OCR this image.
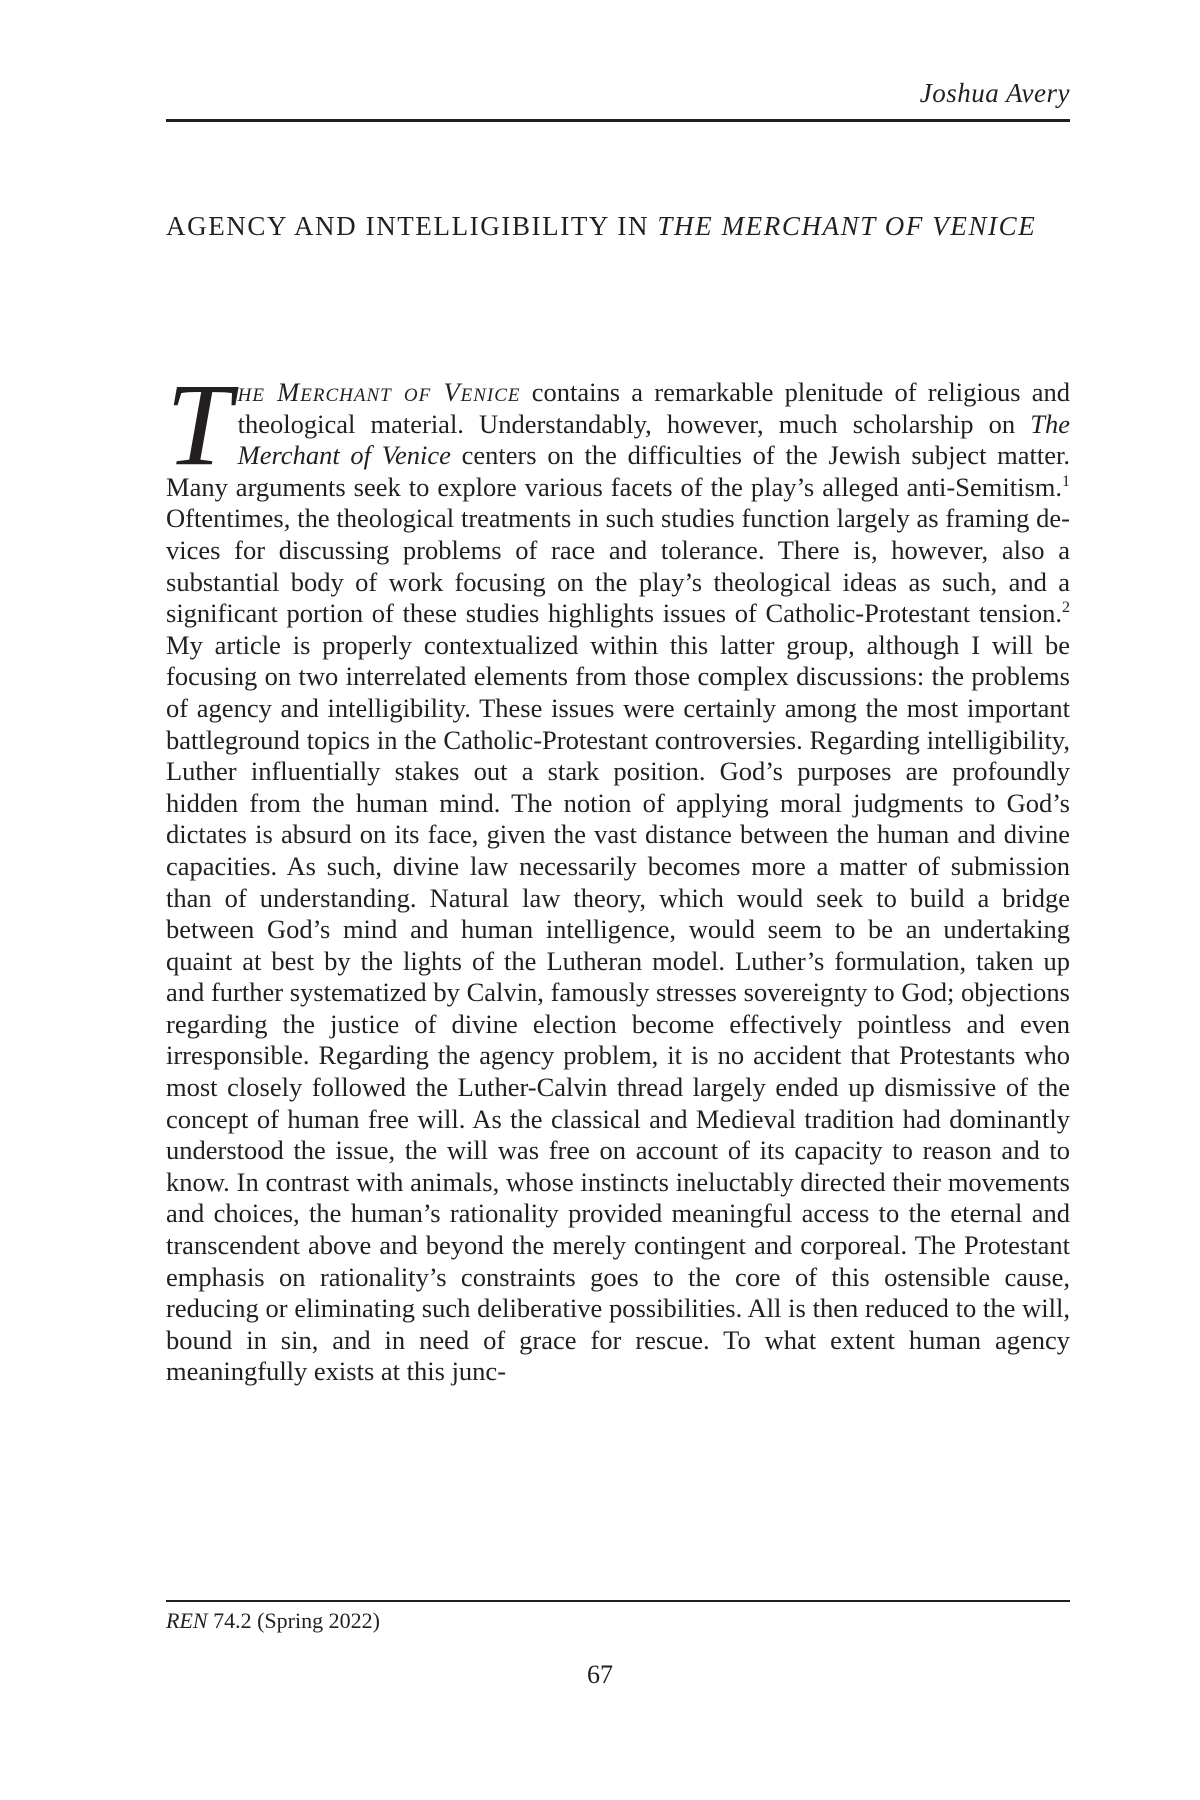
Joshua Avery
AGENCY AND INTELLIGIBILITY IN THE MERCHANT OF VENICE

The Merchant of Venice contains a remarkable plenitude of religious and theological material. Understandably, however, much scholarship on The Merchant of Venice centers on the difficulties of the Jewish subject matter. Many arguments seek to explore various facets of the play’s alleged anti-Semitism.$^1$ Oftentimes, the theological treatments in such studies function largely as framing devices for discussing problems of race and tolerance. There is, however, also a substantial body of work focusing on the play’s theological ideas as such, and a significant portion of these studies highlights issues of Catholic-Protestant tension.$^2$ My article is properly contextualized within this latter group, although I will be focusing on two interrelated elements from those complex discussions: the problems of agency and intelligibility. These issues were certainly among the most important battleground topics in the Catholic-Protestant controversies. Regarding intelligibility, Luther influentially stakes out a stark position. God’s purposes are profoundly hidden from the human mind. The notion of applying moral judgments to God’s dictates is absurd on its face, given the vast distance between the human and divine capacities. As such, divine law necessarily becomes more a matter of submission than of understanding. Natural law theory, which would seek to build a bridge between God’s mind and human intelligence, would seem to be an undertaking quaint at best by the lights of the Lutheran model. Luther’s formulation, taken up and further systematized by Calvin, famously stresses sovereignty to God; objections regarding the justice of divine election become effectively pointless and even irresponsible. Regarding the agency problem, it is no accident that Protestants who most closely followed the Luther-Calvin thread largely ended up dismissive of the concept of human free will. As the classical and Medieval tradition had dominantly understood the issue, the will was free on account of its capacity to reason and to know. In contrast with animals, whose instincts ineluctably directed their movements and choices, the human’s rationality provided meaningful access to the eternal and transcendent above and beyond the merely contingent and corporeal. The Protestant emphasis on rationality’s constraints goes to the core of this ostensible cause, reducing or eliminating such deliberative possibilities. All is then reduced to the will, bound in sin, and in need of grace for rescue. To what extent human agency meaningfully exists at this junc-

REN 74.2 (Spring 2022)
67
